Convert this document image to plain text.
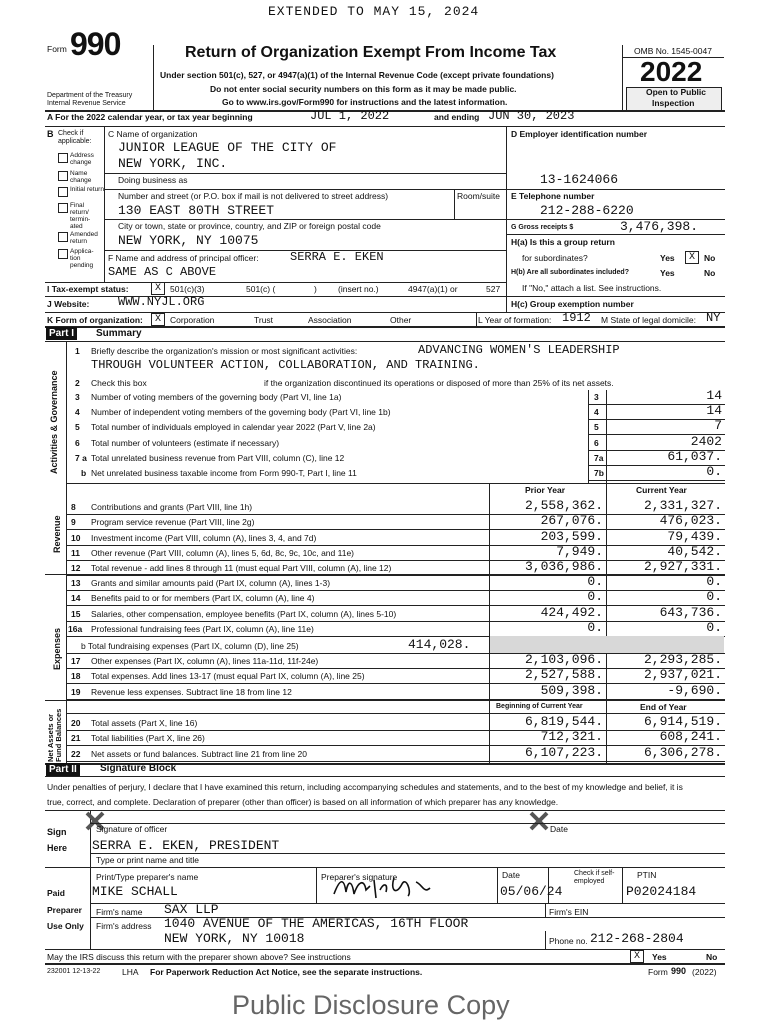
EXTENDED TO MAY 15, 2024
Form 990
Department of the Treasury
Internal Revenue Service
Return of Organization Exempt From Income Tax
Under section 501(c), 527, or 4947(a)(1) of the Internal Revenue Code (except private foundations)
Do not enter social security numbers on this form as it may be made public.
Go to www.irs.gov/Form990 for instructions and the latest information.
OMB No. 1545-0047
2022
Open to Public
Inspection
A For the 2022 calendar year, or tax year beginning	JUL 1, 2022	and ending JUN 30, 2023
B Check if applicable:
Address change
Name change
Initial return
Final return/ termin- ated
Amended return
Applica- tion pending
C Name of organization
JUNIOR LEAGUE OF THE CITY OF
NEW YORK, INC.
Doing business as
Number and street (or P.O. box if mail is not delivered to street address)	Room/suite
130 EAST 80TH STREET
City or town, state or province, country, and ZIP or foreign postal code
NEW YORK, NY 10075
F Name and address of principal officer:	SERRA E. EKEN
SAME AS C ABOVE
D Employer identification number
13-1624066
E Telephone number
212-288-6220
G Gross receipts $	3,476,398.
H(a) Is this a group return
for subordinates?	Yes	X	No
H(b) Are all subordinates included?	Yes	No
If "No," attach a list. See instructions.
H(c) Group exemption number
I Tax-exempt status:	X	501(c)(3)	501(c) (	) (insert no.)	4947(a)(1) or	527
J Website: WWW.NYJL.ORG
K Form of organization:	X	Corporation	Trust	Association	Other	L Year of formation: 1912 M State of legal domicile: NY
Part I	Summary
Activities & Governance
Revenue
Expenses
Net Assets or Fund Balances
1 Briefly describe the organization's mission or most significant activities:	ADVANCING WOMEN'S LEADERSHIP
THROUGH VOLUNTEER ACTION, COLLABORATION, AND TRAINING.
2 Check this box	if the organization discontinued its operations or disposed of more than 25% of its net assets.
3 Number of voting members of the governing body (Part VI, line 1a)	3	14
4 Number of independent voting members of the governing body (Part VI, line 1b)	4	14
5 Total number of individuals employed in calendar year 2022 (Part V, line 2a)	5	7
6 Total number of volunteers (estimate if necessary)	6	2402
7 a Total unrelated business revenue from Part VIII, column (C), line 12	7a	61,037.
b Net unrelated business taxable income from Form 990-T, Part I, line 11	7b	0.
Prior Year	Current Year
8 Contributions and grants (Part VIII, line 1h)	2,558,362.	2,331,327.
9 Program service revenue (Part VIII, line 2g)	267,076.	476,023.
10 Investment income (Part VIII, column (A), lines 3, 4, and 7d)	203,599.	79,439.
11 Other revenue (Part VIII, column (A), lines 5, 6d, 8c, 9c, 10c, and 11e)	7,949.	40,542.
12 Total revenue - add lines 8 through 11 (must equal Part VIII, column (A), line 12)	3,036,986.	2,927,331.
13 Grants and similar amounts paid (Part IX, column (A), lines 1-3)	0.	0.
14 Benefits paid to or for members (Part IX, column (A), line 4)	0.	0.
15 Salaries, other compensation, employee benefits (Part IX, column (A), lines 5-10)	424,492.	643,736.
16a Professional fundraising fees (Part IX, column (A), line 11e)	0.	0.
b Total fundraising expenses (Part IX, column (D), line 25)	414,028.
17 Other expenses (Part IX, column (A), lines 11a-11d, 11f-24e)	2,103,096.	2,293,285.
18 Total expenses. Add lines 13-17 (must equal Part IX, column (A), line 25)	2,527,588.	2,937,021.
19 Revenue less expenses. Subtract line 18 from line 12	509,398.	-9,690.
Beginning of Current Year	End of Year
20 Total assets (Part X, line 16)	6,819,544.	6,914,519.
21 Total liabilities (Part X, line 26)	712,321.	608,241.
22 Net assets or fund balances. Subtract line 21 from line 20	6,107,223.	6,306,278.
Part II	Signature Block
Under penalties of perjury, I declare that I have examined this return, including accompanying schedules and statements, and to the best of my knowledge and belief, it is
true, correct, and complete. Declaration of preparer (other than officer) is based on all information of which preparer has any knowledge.
Sign
Here
Signature of officer	Date
SERRA E. EKEN, PRESIDENT
Type or print name and title
Paid
Preparer
Use Only
Print/Type preparer's name	Preparer's signature	Date	Check if self-employed
PTIN
MIKE SCHALL	05/06/24	P02024184
Firm's name SAX LLP	Firm's EIN
Firm's address 1040 AVENUE OF THE AMERICAS, 16TH FLOOR
NEW YORK, NY 10018	Phone no. 212-268-2804
May the IRS discuss this return with the preparer shown above? See instructions	X	Yes	No
232001 12-13-22	LHA For Paperwork Reduction Act Notice, see the separate instructions.	Form 990 (2022)
Public Disclosure Copy
